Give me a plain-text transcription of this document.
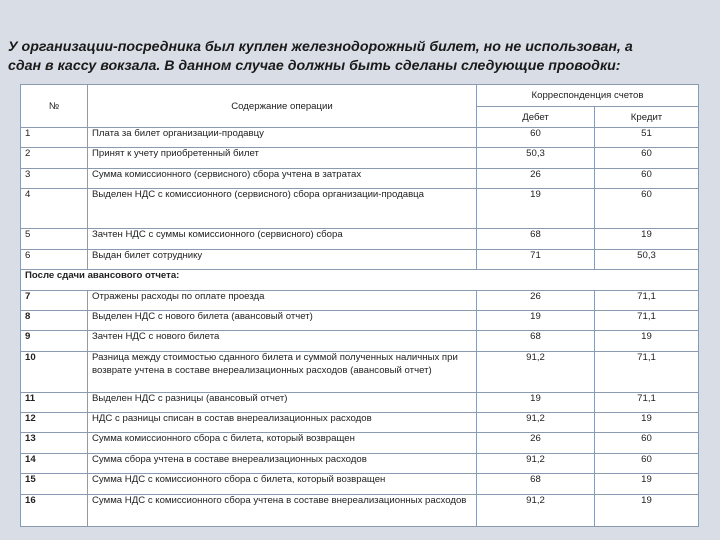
У организации-посредника был куплен железнодорожный билет, но не использован, а
сдан в кассу вокзала. В данном случае должны быть сделаны следующие проводки:
№	Содержание операции	Корреспонденция счетов	
		Дебет	Кредит
1	Плата за билет организации-продавцу	60	51
2	Принят к учету приобретенный билет	50,3	60
3	Сумма комиссионного (сервисного) сбора учтена в затратах	26	60
4	Выделен НДС с комиссионного (сервисного) сбора организации-продавца	19	60
5	Зачтен НДС с суммы комиссионного (сервисного) сбора	68	19
6	Выдан билет сотруднику	71	50,3
После сдачи авансового отчета:			
7	Отражены расходы по оплате проезда	26	71,1
8	Выделен НДС с нового билета (авансовый отчет)	19	71,1
9	Зачтен НДС с нового билета	68	19
10	Разница между стоимостью сданного билета и суммой полученных наличных при возврате учтена в составе внереализационных расходов (авансовый отчет)	91,2	71,1
11	Выделен НДС с разницы (авансовый отчет)	19	71,1
12	НДС с разницы списан в состав внереализационных расходов	91,2	19
13	Сумма комиссионного сбора с билета, который возвращен	26	60
14	Сумма сбора учтена в составе внереализационных расходов	91,2	60
15	Сумма НДС с комиссионного сбора с билета, который возвращен	68	19
16	Сумма НДС с комиссионного сбора учтена в составе внереализационных расходов	91,2	19
